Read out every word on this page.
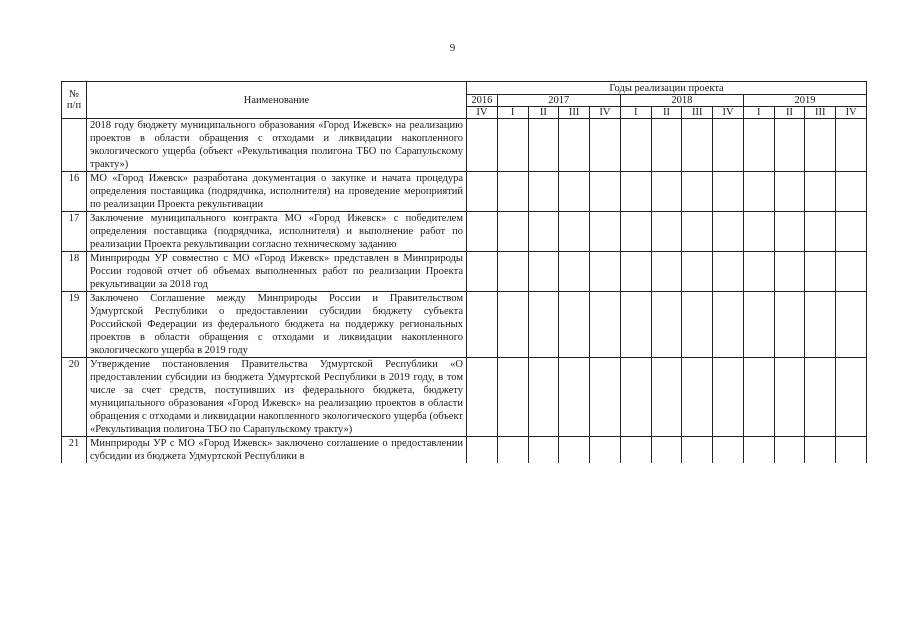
9
№ п/п	Наименование	Годы реализации проекта												
		2016	2017				2018				2019			
		IV	I	II	III	IV	I	II	III	IV	I	II	III	IV
	2018 году бюджету муниципального образования «Город Ижевск» на реализацию проектов в области обращения с отходами и ликвидации накопленного экологического ущерба (объект «Рекультивация полигона ТБО по Сарапульскому тракту»)													
16	МО «Город Ижевск» разработана документация о закупке и начата процедура определения поставщика (подрядчика, исполнителя) на проведение мероприятий по реализации Проекта рекультивации													
17	Заключение муниципального контракта МО «Город Ижевск» с победителем определения поставщика (подрядчика, исполнителя) и выполнение работ по реализации Проекта рекультивации согласно техническому заданию													
18	Минприроды УР совместно с МО «Город Ижевск» представлен в Минприроды России годовой отчет об объемах выполненных работ по реализации Проекта рекультивации за 2018 год													
19	Заключено Соглашение между Минприроды России и Правительством Удмуртской Республики о предоставлении субсидии бюджету субъекта Российской Федерации из федерального бюджета на поддержку региональных проектов в области обращения с отходами и ликвидации накопленного экологического ущерба в 2019 году													
20	Утверждение постановления Правительства Удмуртской Республики «О предоставлении субсидии из бюджета Удмуртской Республики в 2019 году, в том числе за счет средств, поступивших из федерального бюджета, бюджету муниципального образования «Город Ижевск» на реализацию проектов в области обращения с отходами и ликвидации накопленного экологического ущерба (объект «Рекультивация полигона ТБО по Сарапульскому тракту»)													
21	Минприроды УР с МО «Город Ижевск» заключено соглашение о предоставлении субсидии из бюджета Удмуртской Республики в													
